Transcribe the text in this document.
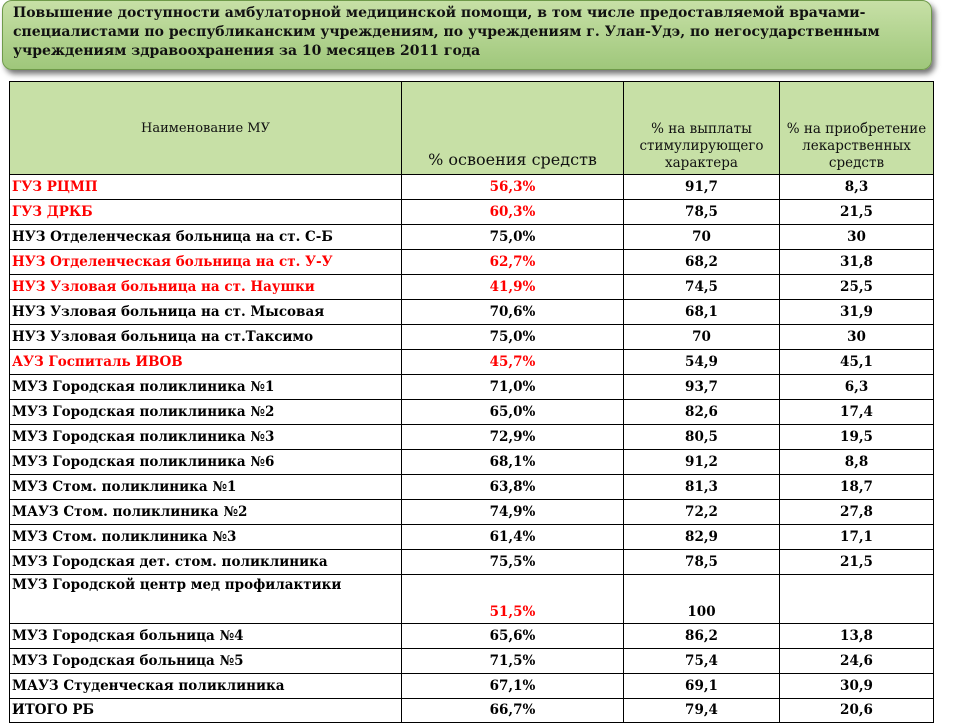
Повышение доступности амбулаторной медицинской помощи, в том числе предоставляемой врачами- специалистами по республиканским учреждениям, по учреждениям г. Улан-Удэ, по негосударственным учреждениям здравоохранения за 10 месяцев 2011 года
Наименование МУ	% освоения средств	% на выплаты стимулирующего характера	% на приобретение лекарственных средств
ГУЗ РЦМП	56,3%	91,7	8,3
ГУЗ ДРКБ	60,3%	78,5	21,5
НУЗ Отделенческая больница на ст. С-Б	75,0%	70	30
НУЗ Отделенческая больница на ст. У-У	62,7%	68,2	31,8
НУЗ Узловая больница на ст. Наушки	41,9%	74,5	25,5
НУЗ Узловая больница на ст. Мысовая	70,6%	68,1	31,9
НУЗ Узловая больница на ст.Таксимо	75,0%	70	30
АУЗ Госпиталь ИВОВ	45,7%	54,9	45,1
МУЗ Городская поликлиника №1	71,0%	93,7	6,3
МУЗ Городская поликлиника №2	65,0%	82,6	17,4
МУЗ Городская поликлиника №3	72,9%	80,5	19,5
МУЗ Городская поликлиника №6	68,1%	91,2	8,8
МУЗ Стом. поликлиника №1	63,8%	81,3	18,7
МАУЗ Стом. поликлиника №2	74,9%	72,2	27,8
МУЗ Стом. поликлиника №3	61,4%	82,9	17,1
МУЗ Городская дет. стом. поликлиника	75,5%	78,5	21,5
МУЗ Городской центр мед профилактики	51,5%	100	
МУЗ Городская больница №4	65,6%	86,2	13,8
МУЗ Городская больница №5	71,5%	75,4	24,6
МАУЗ Студенческая поликлиника	67,1%	69,1	30,9
ИТОГО РБ	66,7%	79,4	20,6
